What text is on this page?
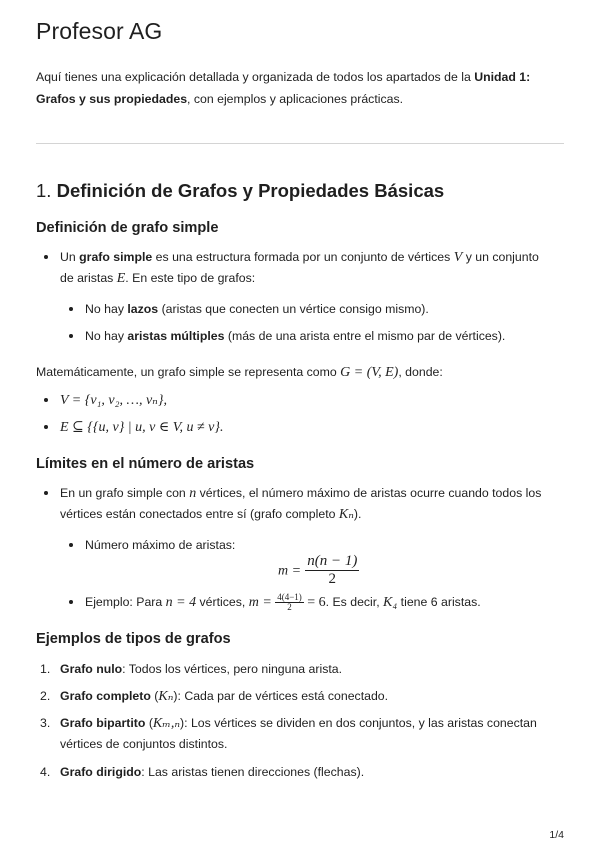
Profesor AG
Aquí tienes una explicación detallada y organizada de todos los apartados de la Unidad 1: Grafos y sus propiedades, con ejemplos y aplicaciones prácticas.
1. Definición de Grafos y Propiedades Básicas
Definición de grafo simple
Un grafo simple es una estructura formada por un conjunto de vértices V y un conjunto
de aristas E. En este tipo de grafos:
No hay lazos (aristas que conecten un vértice consigo mismo).
No hay aristas múltiples (más de una arista entre el mismo par de vértices).
Matemáticamente, un grafo simple se representa como G = (V, E), donde:
V = {v₁, v₂, …, vₙ},
E ⊆ {{u, v} | u, v ∈ V, u ≠ v}.
Límites en el número de aristas
En un grafo simple con n vértices, el número máximo de aristas ocurre cuando todos los
vértices están conectados entre sí (grafo completo Kₙ).
Número máximo de aristas:
$m = \frac{n(n - 1)}{2}$
Ejemplo: Para n = 4 vértices, $m = \frac{4(4-1)}{2} = 6$. Es decir, K₄ tiene 6 aristas.
Ejemplos de tipos de grafos
1. Grafo nulo: Todos los vértices, pero ninguna arista.
2. Grafo completo (Kₙ): Cada par de vértices está conectado.
3. Grafo bipartito (Kₘ,ₙ): Los vértices se dividen en dos conjuntos, y las aristas conectan
vértices de conjuntos distintos.
4. Grafo dirigido: Las aristas tienen direcciones (flechas).
1/4
